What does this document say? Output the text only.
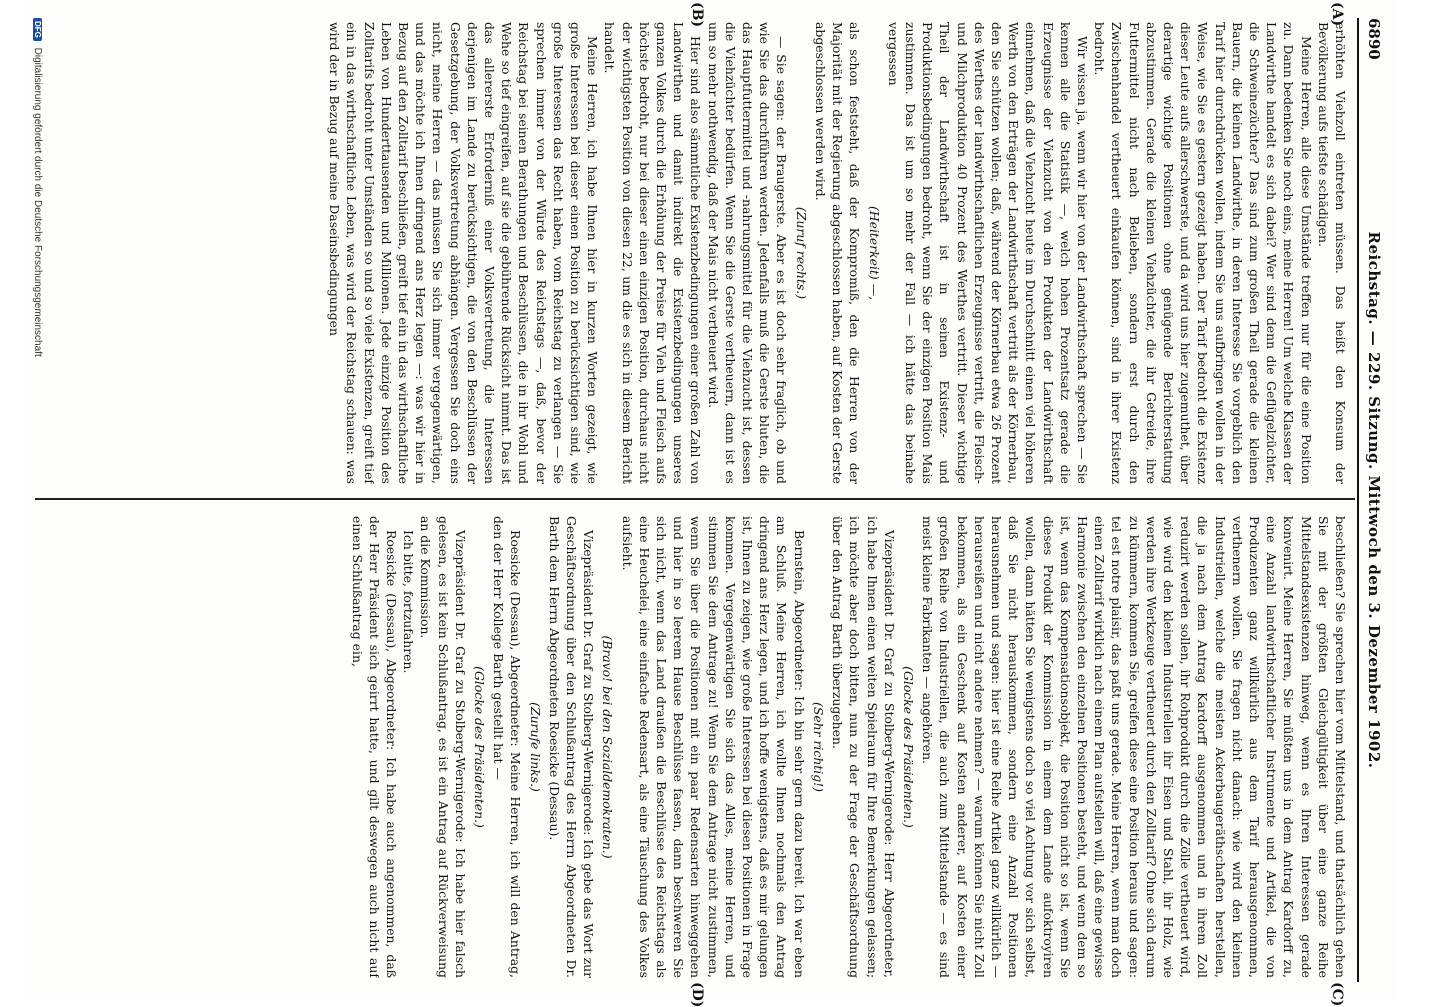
6890
Reichstag. — 229. Sitzung. Mittwoch den 3. Dezember 1902.
(A)
(B)
(C)
(D)

erhöhten Viehzoll eintreten müssen. Das heißt den Konsum der Bevölkerung aufs tiefste schädigen.

Meine Herren, alle diese Umstände treffen nur für die eine Position zu. Dann bedenken Sie noch eins, meine Herren! Um welche Klassen der Landwirthe handelt es sich dabei? Wer sind denn die Geflügelzüchter, die Schweinezüchter? Das sind zum großen Theil gerade die kleinen Bauern, die kleinen Landwirthe, in deren Interesse Sie vorgeblich den Tarif hier durchdrücken wollen, indem Sie uns aufbringen wollen in der Weise, wie Sie es gestern gezeigt haben. Der Tarif bedroht die Existenz dieser Leute aufs allerschwerste, und da wird uns hier zugemuthet, über derartige wichtige Positionen ohne genügende Berichterstattung abzustimmen. Gerade die kleinen Viehzüchter, die ihr Getreide, ihre Futtermittel nicht nach Belieben, sondern erst durch den Zwischenhandel vertheuert einkaufen können, sind in ihrer Existenz bedroht.

Wir wissen ja, wenn wir hier von der Landwirthschaft sprechen — Sie kennen alle die Statistik —, welch hohen Prozentsatz gerade die Erzeugnisse der Viehzucht von den Produkten der Landwirthschaft einnehmen, daß die Viehzucht heute im Durchschnitt einen viel höheren Werth von den Erträgen der Landwirthschaft vertritt als der Körnerbau, den Sie schützen wollen; daß, während der Körnerbau etwa 26 Prozent des Werthes der landwirthschaftlichen Erzeugnisse vertritt, die Fleisch- und Milchproduktion 40 Prozent des Werthes vertritt. Dieser wichtige Theil der Landwirthschaft ist in seinen Existenz- und Produktionsbedingungen bedroht, wenn Sie der einzigen Position Mais zustimmen. Das ist um so mehr der Fall — ich hätte das beinahe vergessen

(Heiterkeit) —,

als schon feststeht, daß der Kompromiß, den die Herren von der Majorität mit der Regierung abgeschlossen haben, auf Kosten der Gerste abgeschlossen werden wird.

(Zuruf rechts.)

— Sie sagen: der Braugerste. Aber es ist doch sehr fraglich, ob und wie Sie das durchführen werden. Jedenfalls muß die Gerste bluten, die das Hauptfuttermittel und -nahrungsmittel für die Viehzucht ist, dessen die Viehzüchter bedürfen. Wenn Sie die Gerste vertheuern, dann ist es um so mehr nothwendig, daß der Mais nicht vertheuert wird.

Hier sind also sämmtliche Existenzbedingungen einer großen Zahl von Landwirthen und damit indirekt die Existenzbedingungen unseres ganzen Volkes durch die Erhöhung der Preise für Vieh und Fleisch aufs höchste bedroht, nur bei dieser einen einzigen Position, durchaus nicht der wichtigsten Position von diesen 22, um die es sich in diesem Bericht handelt.

Meine Herren, ich habe Ihnen hier in kurzen Worten gezeigt, wie große Interessen bei dieser einen Position zu berücksichtigen sind, wie große Interessen das Recht haben, vom Reichstag zu verlangen — Sie sprechen immer von der Würde des Reichstags —, daß, bevor der Reichstag bei seinen Berathungen und Beschlüssen, die in ihr Wohl und Wehe so tief eingreifen, auf sie die gebührende Rücksicht nimmt. Das ist das allererste Erforderniß einer Volksvertretung, die Interessen derjenigen im Lande zu berücksichtigen, die von den Beschlüssen der Gesetzgebung, der Volksvertretung abhängen. Vergessen Sie doch eins nicht, meine Herren — das müssen Sie sich immer vergegenwärtigen, und das möchte ich Ihnen dringend ans Herz legen —: was wir hier in Bezug auf den Zolltarif beschließen, greift tief ein in das wirthschaftliche Leben von Hunderttausenden und Millionen. Jede einzige Position des Zolltarifs bedroht unter Umständen so und so viele Existenzen, greift tief ein in das wirthschaftliche Leben, was wird der Reichstag schauen: was wird der in Bezug auf meine Daseinsbedingungen

beschließen? Sie sprechen hier vom Mittelstand, und thatsächlich gehen Sie mit der größten Gleichgültigkeit über eine ganze Reihe Mittelstandsexistenzen hinweg, wenn es Ihren Interessen gerade konvenirt. Meine Herren, Sie müßten uns in dem Antrag Kardorff zu, eine Anzahl landwirthschaftlicher Instrumente und Artikel, die von Produzenten ganz willkürlich aus dem Tarif herausgenommen, verthenern wollen. Sie fragen nicht danach: wie wird den kleinen Industriellen, welche die meisten Ackerbaugeräthschaften herstellen, die ja nach dem Antrag Kardorff ausgenommen und in ihrem Zoll reduzirt werden sollen, ihr Rohprodukt durch die Zölle vertheuert wird, wie wird den kleinen Industriellen ihr Eisen und Stahl, ihr Holz, wie werden ihre Werkzeuge vertheuert durch den Zolltarif? Ohne sich darum zu kümmern, kommen Sie, greifen diese eine Position heraus und sagen: tel est notre plaisir, das paßt uns gerade. Meine Herren, wenn man doch einen Zolltarif wirklich nach einem Plan aufstellen will, daß eine gewisse Harmonie zwischen den einzelnen Positionen besteht, und wenn dem so ist, wenn das Kompensationsobjekt, die Position nicht so ist, wenn Sie dieses Produkt der Kommission in einem dem Lande aufoktroyiren wollen, dann hätten Sie wenigstens doch so viel Achtung vor sich selbst, daß Sie nicht herauskommen, sondern eine Anzahl Positionen herausnehmen und sagen: hier ist eine Reihe Artikel ganz willkürlich — herausreißen und nicht andere nehmen? — warum können Sie nicht Zoll bekommen, als ein Geschenk auf Kosten anderer, auf Kosten einer großen Reihe von Industriellen, die auch zum Mittelstande — es sind meist kleine Fabrikanten — angehören.

(Glocke des Präsidenten.)

Vizepräsident Dr. Graf zu Stolberg-Wernigerode: Herr Abgeordneter, ich habe Ihnen einen weiten Spielraum für Ihre Bemerkungen gelassen; ich möchte aber doch bitten, nun zu der Frage der Geschäftsordnung über den Antrag Barth überzugehen.

(Sehr richtig!)

Bernstein, Abgeordneter: Ich bin sehr gern dazu bereit. Ich war eben am Schluß. Meine Herren, ich wollte Ihnen nochmals den Antrag dringend ans Herz legen, und ich hoffe wenigstens, daß es mir gelungen ist, Ihnen zu zeigen, wie große Interessen bei diesen Positionen in Frage kommen. Vergegenwärtigen Sie sich das Alles, meine Herren, und stimmen Sie dem Antrage zu! Wenn Sie dem Antrage nicht zustimmen, wenn Sie über die Positionen mit ein paar Redensarten hinweggehen und hier in so leerem Hause Beschlüsse fassen, dann beschweren Sie sich nicht, wenn das Land draußen die Beschlüsse des Reichstags als eine Heuchelei, eine einfache Redensart, als eine Täuschung des Volkes aufsieht.

(Bravo! bei den Sozialdemokraten.)

Vizepräsident Dr. Graf zu Stolberg-Wernigerode: Ich gebe das Wort zur Geschäftsordnung über den Schlußantrag des Herrn Abgeordneten Dr. Barth dem Herrn Abgeordneten Roesicke (Dessau).

(Zurufe links.)

Roesicke (Dessau), Abgeordneter: Meine Herren, ich will den Antrag, den der Herr Kollege Barth gestellt hat —

(Glocke des Präsidenten.)

Vizepräsident Dr. Graf zu Stolberg-Wernigerode: Ich habe hier falsch gelesen, es ist kein Schlußantrag, es ist ein Antrag auf Rückverweisung an die Kommission.

Ich bitte, fortzufahren.

Roesicke (Dessau), Abgeordneter: Ich habe auch angenommen, daß der Herr Präsident sich geirrt hatte, und gilt deswegen auch nicht auf einen Schlußantrag ein,

DFG Digitalisierung gefördert durch die Deutsche Forschungsgemeinschaft
